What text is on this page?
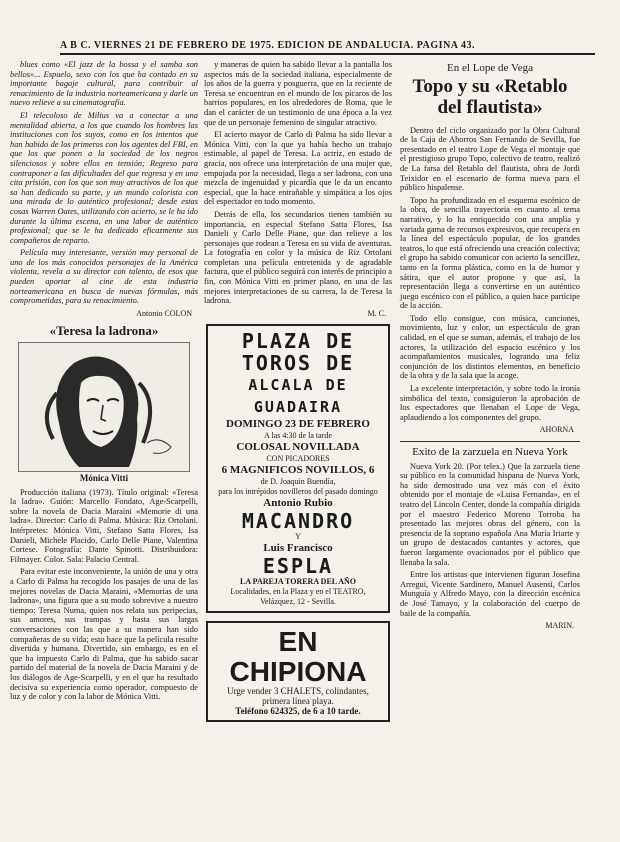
A B C. VIERNES 21 DE FEBRERO DE 1975. EDICION DE ANDALUCIA. PAGINA 43.

blues como «El jazz de la bossa y el samba son bellos»... Espuelo, sexo con los que ha contado en su importante bagaje cultural, para contribuir al renacimiento de la industria norteamericana y darle un nuevo relieve a su cinematografía.

El telecoloso de Milius va a conectar a una mentalidad abierta, a los que cuando los hombres las instituciones con los suyos, como en los intentos que han habido de los primeros con los agentes del FBI, en que los que ponen a la sociedad de los negros silenciosos y sobre ellos en tensión; Regreso para contraponer a las dificultades del que regresa y en una cita prisión, con los que son muy atractivos de los que sa han dedicado su parte, y un mundo colorista con una mirada de lo auténtico profesional; desde estas cosas Warren Oates, utilizando con acierto, se le ha ido durante la última escena, en una labor de auténtico profesional; que se le ha dedicado eficazmente sus compañeros de reparto.

Película muy interesante, versión muy personal de uno de los más conocidos personajes de la América violenta, revela a su director con talento, de esos que pueden aportar al cine de esta industria norteamericana en busca de nuevas fórmulas, más comprometidas, para su renacimiento.

Antonio COLON
«Teresa la ladrona»
Mónica Vitti

Producción italiana (1973). Título original: «Teresa la ladra». Guión: Marcello Fondato, Age-Scarpelli, sobre la novela de Dacia Maraini «Memorie di una ladra». Director: Carlo di Palma. Música: Riz Ortolani. Intérpretes: Mónica Vitti, Stefano Satta Flores, Isa Danieli, Michele Placido, Carlo Delle Piane, Valentina Cortese. Fotografía: Dante Spinotti. Distribuidora: Filmayer. Color. Sala: Palacio Central.

Para evitar este inconveniente, la unión de una y otra a Carlo di Palma ha recogido los pasajes de una de las mejores novelas de Dacia Maraini, «Memorias de una ladrona», una figura que a su modo sobrevive a nuestro tiempo: Teresa Numa, quien nos relata sus peripecias, sus amores, sus trampas y hasta sus largas conversaciones con las que a su manera han sido compañeras de su vida; esto hace que la película resulte divertida y humana. Divertido, sin embargo, es en el que ha impuesto Carlo di Palma, que ha sabido sacar partido del material de la novela de Dacia Maraini y de los diálogos de Age-Scarpelli, y en el que ha resultado decisiva su experiencia como operador, compuesto de luz y de color y con la labor de Mónica Vitti.

y maneras de quien ha sabido llevar a la pantalla los aspectos más de la sociedad italiana, especialmente de los años de la guerra y posguerra, que en la reciente de Teresa se encuentran en el mundo de los pícaros de los barrios populares, en los alrededores de Roma, que le dan el carácter de un testimonio de una época a la vez que de un personaje femenino de singular atractivo.

El acierto mayor de Carlo di Palma ha sido llevar a Mónica Vitti, con la que ya había hecho un trabajo estimable, al papel de Teresa. La actriz, en estado de gracia, nos ofrece una interpretación de una mujer que, empujada por la necesidad, llega a ser ladrona, con una mezcla de ingenuidad y picardía que le da un encanto especial, que la hace entrañable y simpática a los ojos del espectador en todo momento.

Detrás de ella, los secundarios tienen también su importancia, en especial Stefano Satta Flores, Isa Danieli y Carlo Delle Piane, que dan relieve a los personajes que rodean a Teresa en su vida de aventuras. La fotografía en color y la música de Riz Ortolani completan una película entretenida y de agradable factura, que el público seguirá con interés de principio a fin, con Mónica Vitti en primer plano, en una de las mejores interpretaciones de su carrera, la de Teresa la ladrona.

M. C.
PLAZA DE
TOROS DE
ALCALA DE GUADAIRA
DOMINGO 23 DE FEBRERO
A las 4:30 de la tarde
COLOSAL NOVILLADA
CON PICADORES
6 MAGNIFICOS NOVILLOS, 6
de D. Joaquín Buendía,
para los intrépidos novilleros del pasado domingo
Antonio Rubio
MACANDRO
Y
Luis Francisco
ESPLA
LA PAREJA TORERA DEL AÑO
Localidades, en la Plaza y en el TEATRO,
Velázquez, 12 - Sevilla.
EN CHIPIONA
Urge vender 3 CHALETS, colindantes,
primera línea playa.
Teléfono 624325, de 6 a 10 tarde.
En el Lope de Vega
Topo y su «Retablo del flautista»

Dentro del ciclo organizado por la Obra Cultural de la Caja de Ahorros San Fernando de Sevilla, fue presentado en el teatro Lope de Vega el montaje que el prestigioso grupo Topo, colectivo de teatro, realizó de La farsa del Retablo del flautista, obra de Jordi Teixidor en el escenario de forma nueva para el público hispalense.

Topo ha profundizado en el esquema escénico de la obra, de sencilla trayectoria en cuanto al tema narrativo, y lo ha enriquecido con una amplia y variada gama de recursos expresivos, que recupera en la línea del espectáculo popular, de los grandes teatros, lo que está ofreciendo una creación colectiva; el grupo ha sabido comunicar con acierto la sencillez, tanto en la forma plástica, como en la de humor y sátira, que el autor propone y que así, la representación llega a convertirse en un auténtico juego escénico con el público, a quien hace partícipe de la acción.

Todo ello consigue, con música, canciones, movimiento, luz y color, un espectáculo de gran calidad, en el que se suman, además, el trabajo de los actores, la utilización del espacio escénico y los acompañamientos musicales, logrando una feliz conjunción de los distintos elementos, en beneficio de la obra y de la sala que la acoge.

La excelente interpretación, y sobre todo la ironía simbólica del texto, consiguieron la aprobación de los espectadores que llenaban el Lope de Vega, aplaudiendo a los componentes del grupo.

AHORNA
Exito de la zarzuela en Nueva York

Nueva York 20. (Por telex.) Que la zarzuela tiene su público en la comunidad hispana de Nueva York, ha sido demostrado una vez más con el éxito obtenido por el montaje de «Luisa Fernanda», en el teatro del Lincoln Center, donde la compañía dirigida por el maestro Federico Moreno Torroba ha presentado las mejores obras del género, con la presencia de la soprano española Ana María Iriarte y un grupo de destacados cantantes y actores, que fueron largamente ovacionados por el público que llenaba la sala.

Entre los artistas que intervienen figuran Josefina Arregui, Vicente Sardinero, Manuel Ausensi, Carlos Munguía y Alfredo Mayo, con la dirección escénica de José Tamayo, y la colaboración del cuerpo de baile de la compañía.

MARIN.
